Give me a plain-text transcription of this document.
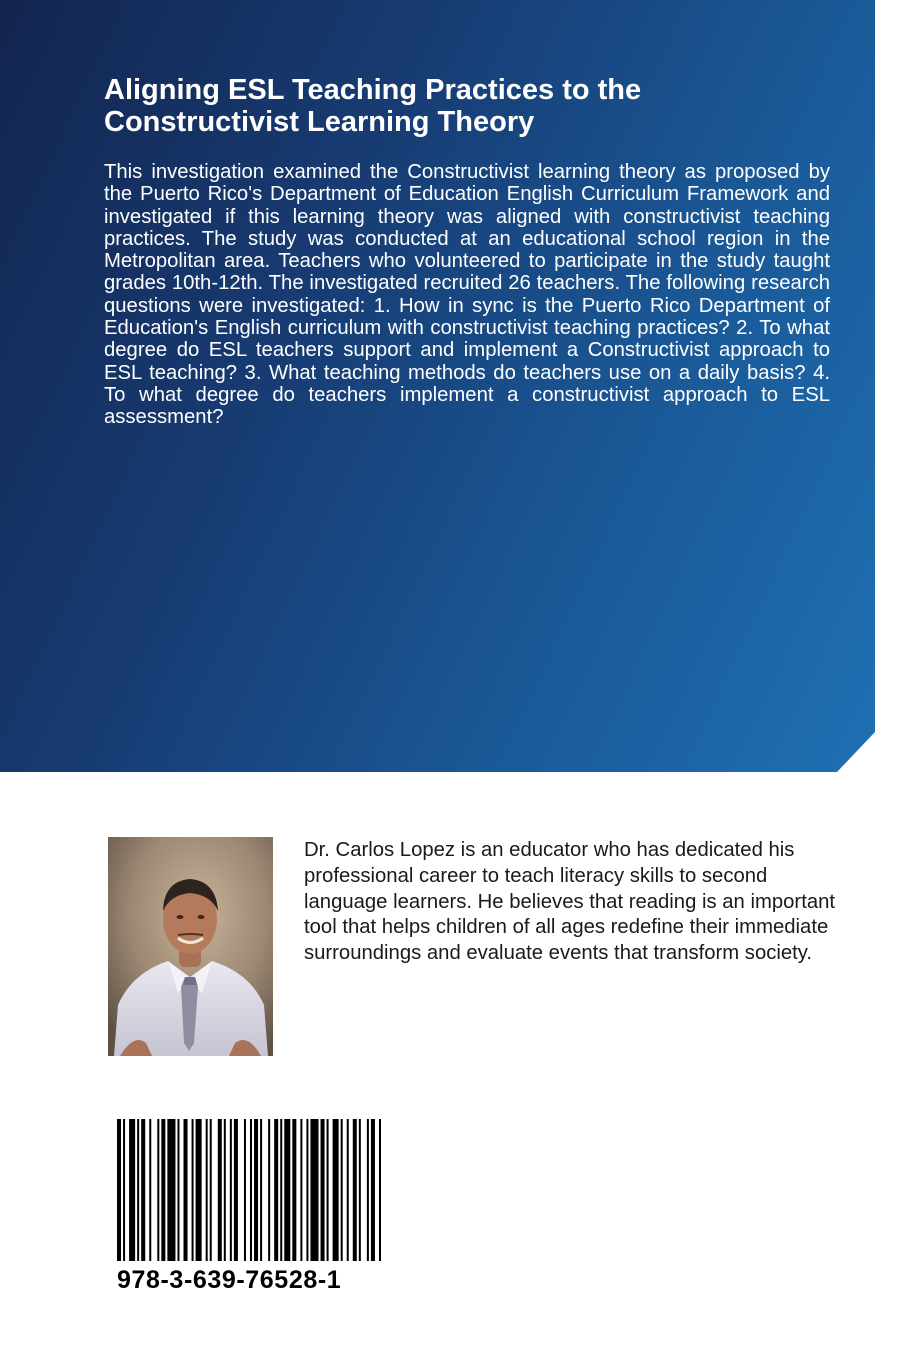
Aligning ESL Teaching Practices to the
Constructivist Learning Theory

This investigation examined the Constructivist learning theory as proposed by the Puerto Rico's Department of Education English Curriculum Framework and investigated if this learning theory was aligned with constructivist teaching practices. The study was conducted at an educational school region in the Metropolitan area. Teachers who volunteered to participate in the study taught grades 10th-12th. The investigated recruited 26 teachers. The following research questions were investigated: 1. How in sync is the Puerto Rico Department of Education's English curriculum with constructivist teaching practices? 2. To what degree do ESL teachers support and implement a Constructivist approach to ESL teaching? 3. What teaching methods do teachers use on a daily basis? 4. To what degree do teachers implement a constructivist approach to ESL assessment?

Dr. Carlos Lopez is an educator who has dedicated his professional career to teach literacy skills to second language learners. He believes that reading is an important tool that helps children of all ages redefine their immediate surroundings and evaluate events that transform society.

978-3-639-76528-1
